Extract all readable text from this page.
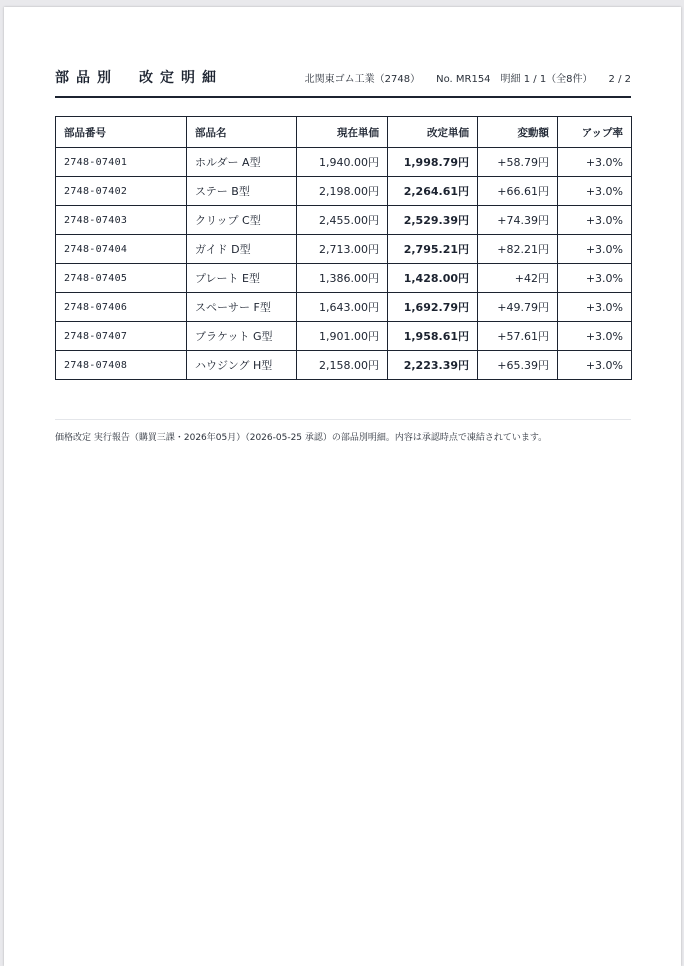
部品別　改定明細	北関東ゴム工業（2748） No. MR154 明細 1 / 1（全8件） 2 / 2
部品番号	部品名	現在単価	改定単価	変動額	アップ率
2748-07401	ホルダー A型	1,940.00円	1,998.79円	+58.79円	+3.0%
2748-07402	ステー B型	2,198.00円	2,264.61円	+66.61円	+3.0%
2748-07403	クリップ C型	2,455.00円	2,529.39円	+74.39円	+3.0%
2748-07404	ガイド D型	2,713.00円	2,795.21円	+82.21円	+3.0%
2748-07405	プレート E型	1,386.00円	1,428.00円	+42円	+3.0%
2748-07406	スペーサー F型	1,643.00円	1,692.79円	+49.79円	+3.0%
2748-07407	ブラケット G型	1,901.00円	1,958.61円	+57.61円	+3.0%
2748-07408	ハウジング H型	2,158.00円	2,223.39円	+65.39円	+3.0%
価格改定 実行報告（購買三課・2026年05月）（2026-05-25 承認）の部品別明細。内容は承認時点で凍結されています。
